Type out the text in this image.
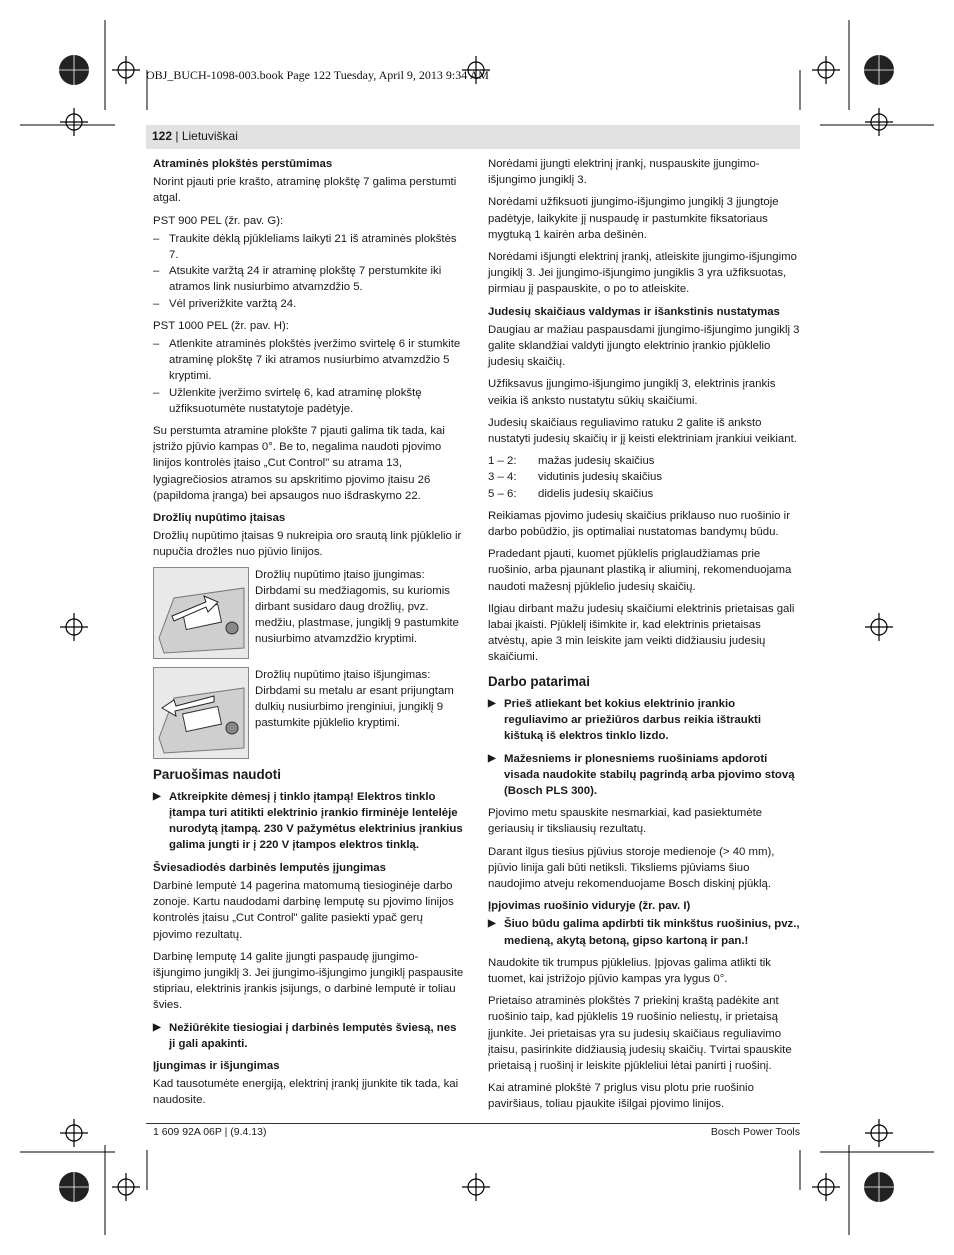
OBJ_BUCH-1098-003.book Page 122 Tuesday, April 9, 2013 9:34 AM
122 | Lietuviškai
Atraminės plokštės perstūmimas

Norint pjauti prie krašto, atraminę plokštę 7 galima perstumti atgal.

PST 900 PEL (žr. pav. G):

– Traukite dėklą pjūkleliams laikyti 21 iš atraminės plokštės 7.
– Atsukite varžtą 24 ir atraminę plokštę 7 perstumkite iki atramos link nusiurbimo atvamzdžio 5.
– Vėl priverižkite varžtą 24.

PST 1000 PEL (žr. pav. H):

– Atlenkite atraminės plokštės įveržimo svirtelę 6 ir stumkite atraminę plokštę 7 iki atramos nusiurbimo atvamzdžio 5 kryptimi.
– Užlenkite įveržimo svirtelę 6, kad atraminę plokštę užfiksuotumėte nustatytoje padėtyje.

Su perstumta atramine plokšte 7 pjauti galima tik tada, kai įstrižo pjūvio kampas 0°. Be to, negalima naudoti pjovimo linijos kontrolės įtaiso „Cut Control" su atrama 13, lygiagrečiosios atramos su apskritimo pjovimo įtaisu 26 (papildoma įranga) bei apsaugos nuo išdraskymo 22.

Drožlių nupūtimo įtaisas

Drožlių nupūtimo įtaisas 9 nukreipia oro srautą link pjūklelio ir nupučia drožles nuo pjūvio linijos.

Drožlių nupūtimo įtaiso įjungimas: Dirbdami su medžiagomis, su kuriomis dirbant susidaro daug drožlių, pvz. medžiu, plastmase, jungiklį 9 pastumkite nusiurbimo atvamzdžio kryptimi.

Drožlių nupūtimo įtaiso išjungimas: Dirbdami su metalu ar esant prijungtam dulkių nusiurbimo įrenginiui, jungiklį 9 pastumkite pjūklelio kryptimi.

Paruošimas naudoti
▶ Atkreipkite dėmesį į tinklo įtampą! Elektros tinklo įtampa turi atitikti elektrinio įrankio firminėje lentelėje nurodytą įtampą. 230 V pažymėtus elektrinius įrankius galima jungti ir į 220 V įtampos elektros tinklą.
Šviesadiodės darbinės lemputės įjungimas

Darbinė lemputė 14 pagerina matomumą tiesioginėje darbo zonoje. Kartu naudodami darbinę lemputę su pjovimo linijos kontrolės įtaisu „Cut Control" galite pasiekti ypač gerų pjovimo rezultatų.

Darbinę lemputę 14 galite įjungti paspaudę įjungimo-išjungimo jungiklį 3. Jei įjungimo-išjungimo jungiklį paspausite stipriau, elektrinis įrankis įsijungs, o darbinė lemputė ir toliau švies.

▶ Nežiūrėkite tiesiogiai į darbinės lemputės šviesą, nes ji gali apakinti.
Įjungimas ir išjungimas

Kad tausotumėte energiją, elektrinį įrankį įjunkite tik tada, kai naudosite.

Norėdami įjungti elektrinį įrankį, nuspauskite įjungimo-išjungimo jungiklį 3.

Norėdami užfiksuoti įjungimo-išjungimo jungiklį 3 įjungtoje padėtyje, laikykite jį nuspaudę ir pastumkite fiksatoriaus mygtuką 1 kairėn arba dešinėn.

Norėdami išjungti elektrinį įrankį, atleiskite įjungimo-išjungimo jungiklį 3. Jei įjungimo-išjungimo jungiklis 3 yra užfiksuotas, pirmiau jį paspauskite, o po to atleiskite.

Judesių skaičiaus valdymas ir išankstinis nustatymas

Daugiau ar mažiau paspausdami įjungimo-išjungimo jungiklį 3 galite sklandžiai valdyti įjungto elektrinio įrankio pjūklelio judesių skaičių.

Užfiksavus įjungimo-išjungimo jungiklį 3, elektrinis įrankis veikia iš anksto nustatytu sūkių skaičiumi.

Judesių skaičiaus reguliavimo ratuku 2 galite iš anksto nustatyti judesių skaičių ir jį keisti elektriniam įrankiui veikiant.

1 – 2:	mažas judesių skaičius
3 – 4:	vidutinis judesių skaičius
5 – 6:	didelis judesių skaičius

Reikiamas pjovimo judesių skaičius priklauso nuo ruošinio ir darbo pobūdžio, jis optimaliai nustatomas bandymų būdu.

Pradedant pjauti, kuomet pjūklelis priglaudžiamas prie ruošinio, arba pjaunant plastiką ir aliuminį, rekomenduojama naudoti mažesnį pjūklelio judesių skaičių.

Ilgiau dirbant mažu judesių skaičiumi elektrinis prietaisas gali labai įkaisti. Pjūklelį išimkite ir, kad elektrinis prietaisas atvėstų, apie 3 min leiskite jam veikti didžiausiu judesių skaičiumi.

Darbo patarimai
▶ Prieš atliekant bet kokius elektrinio įrankio reguliavimo ar priežiūros darbus reikia ištraukti kištuką iš elektros tinklo lizdo.
▶ Mažesniems ir plonesniems ruošiniams apdoroti visada naudokite stabilų pagrindą arba pjovimo stovą (Bosch PLS 300).

Pjovimo metu spauskite nesmarkiai, kad pasiektumėte geriausių ir tiksliausių rezultatų.

Darant ilgus tiesius pjūvius storoje medienoje (> 40 mm), pjūvio linija gali būti netiksli. Tiksliems pjūviams šiuo naudojimo atveju rekomenduojame Bosch diskinį pjūklą.

Įpjovimas ruošinio viduryje (žr. pav. I)
▶ Šiuo būdu galima apdirbti tik minkštus ruošinius, pvz., medieną, akytą betoną, gipso kartoną ir pan.!

Naudokite tik trumpus pjūklelius. Įpjovas galima atlikti tik tuomet, kai įstrižojo pjūvio kampas yra lygus 0°.

Prietaiso atraminės plokštės 7 priekinį kraštą padėkite ant ruošinio taip, kad pjūklelis 19 ruošinio neliestų, ir prietaisą įjunkite. Jei prietaisas yra su judesių skaičiaus reguliavimo įtaisu, pasirinkite didžiausią judesių skaičių. Tvirtai spauskite prietaisą į ruošinį ir leiskite pjūkleliui lėtai panirti į ruošinį.

Kai atraminė plokštė 7 priglus visu plotu prie ruošinio paviršiaus, toliau pjaukite išilgai pjovimo linijos.

1 609 92A 06P | (9.4.13)	Bosch Power Tools
